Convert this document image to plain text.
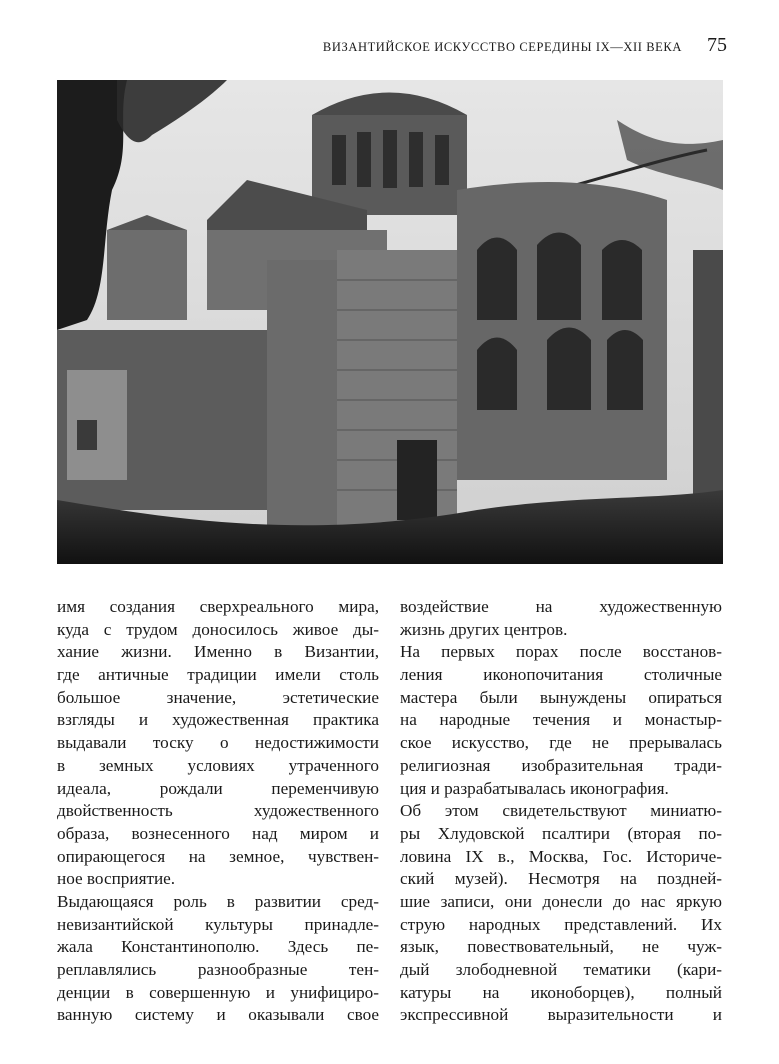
ВИЗАНТИЙСКОЕ ИСКУССТВО СЕРЕДИНЫ IX—XII ВЕКА 75

имя создания сверхреального мира,
куда с трудом доносилось живое ды-
хание жизни. Именно в Византии,
где античные традиции имели столь
большое значение, эстетические
взгляды и художественная практика
выдавали тоску о недостижимости
в земных условиях утраченного
идеала, рождали переменчивую
двойственность художественного
образа, вознесенного над миром и
опирающегося на земное, чувствен-
ное восприятие.

Выдающаяся роль в развитии сред-
невизантийской культуры принадле-
жала Константинополю. Здесь пе-
реплавлялись разнообразные тен-
денции в совершенную и унифициро-
ванную систему и оказывали свое

воздействие на художественную
жизнь других центров.

На первых порах после восстанов-
ления иконопочитания столичные
мастера были вынуждены опираться
на народные течения и монастыр-
ское искусство, где не прерывалась
религиозная изобразительная тради-
ция и разрабатывалась иконография.

Об этом свидетельствуют миниатю-
ры Хлудовской псалтири (вторая по-
ловина IX в., Москва, Гос. Историче-
ский музей). Несмотря на поздней-
шие записи, они донесли до нас яркую
струю народных представлений. Их
язык, повествовательный, не чуж-
дый злободневной тематики (кари-
катуры на иконоборцев), полный
экспрессивной выразительности и
